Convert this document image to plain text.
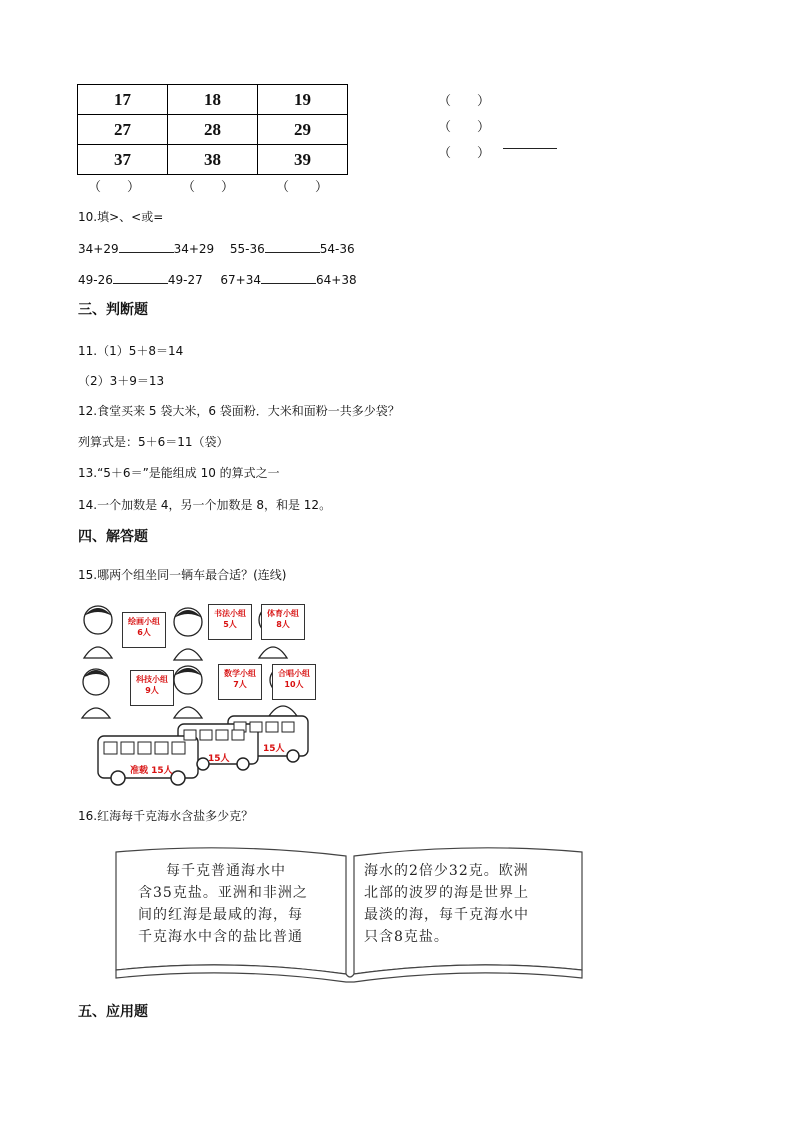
17	18	19
27	28	29
37	38	39
（　　）	（　　）	（　　）
（　　）
（　　）
（　　）
10.填>、<或=
34+29	34+29 55-36	54-36
49-26	49-27 67+34	64+38
三、判断题
11.（1）5＋8＝14
（2）3＋9＝13
12.食堂买来 5 袋大米，6 袋面粉．大米和面粉一共多少袋？
列算式是：5＋6＝11（袋）
13.“5＋6＝”是能组成 10 的算式之一
14.一个加数是 4，另一个加数是 8，和是 12。
四、解答题
15.哪两个组坐同一辆车最合适？(连线)
绘画小组
6人
书法小组
5人
体育小组
8人
科技小组
9人
数学小组
7人
合唱小组
10人
准载 15人
15人
15人
16.红海每千克海水含盐多少克？
每千克普通海水中
含35克盐。亚洲和非洲之
间的红海是最咸的海，每
千克海水中含的盐比普通
海水的2倍少32克。欧洲
北部的波罗的海是世界上
最淡的海，每千克海水中
只含8克盐。
五、应用题
